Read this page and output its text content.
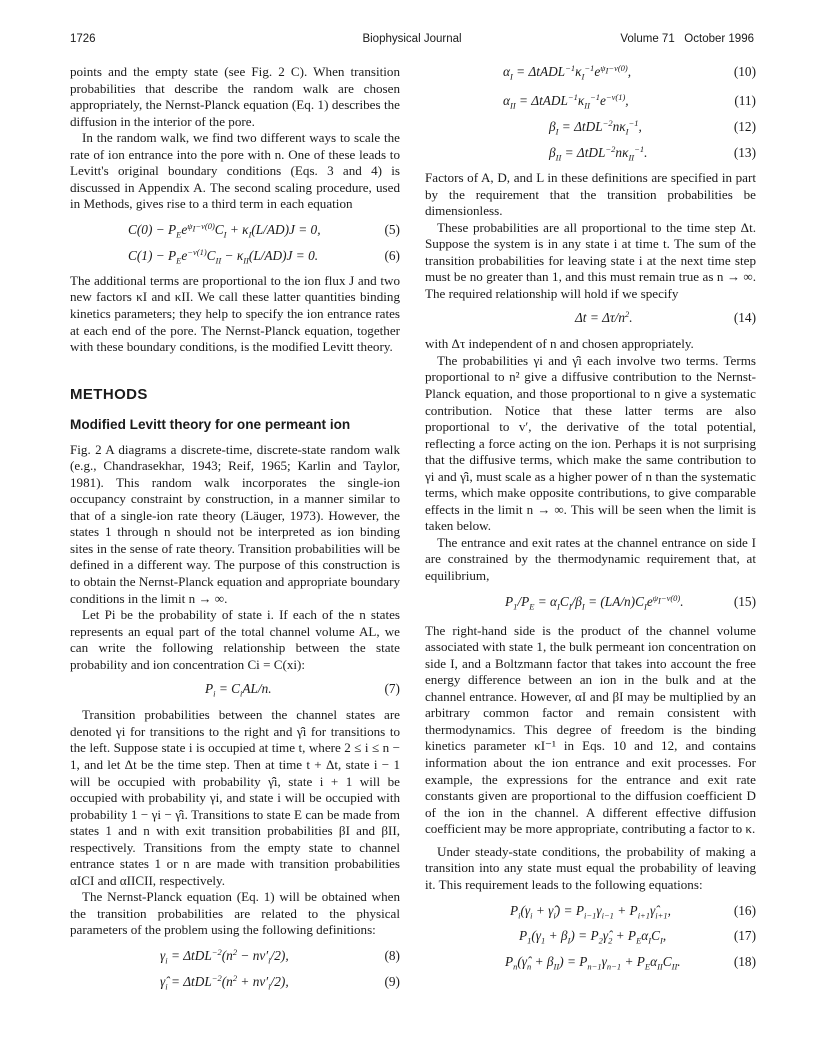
1726	Biophysical Journal	Volume 71   October 1996

points and the empty state (see Fig. 2 C). When transition probabilities that describe the random walk are chosen appropriately, the Nernst-Planck equation (Eq. 1) describes the diffusion in the interior of the pore.

In the random walk, we find two different ways to scale the rate of ion entrance into the pore with n. One of these leads to Levitt's original boundary conditions (Eqs. 3 and 4) is discussed in Appendix A. The second scaling procedure, used in Methods, gives rise to a third term in each equation

$C(0) - P_Ee^{\psi_I-v(0)}C_I + \kappa_I(L/AD)J = 0$,	(5)
$C(1) - P_Ee^{-v(1)}C_{II} - \kappa_{II}(L/AD)J = 0$.	(6)

The additional terms are proportional to the ion flux J and two new factors κI and κII. We call these latter quantities binding kinetics parameters; they help to specify the ion entrance rates at each end of the pore. The Nernst-Planck equation, together with these boundary conditions, is the modified Levitt theory.

METHODS
Modified Levitt theory for one permeant ion

Fig. 2 A diagrams a discrete-time, discrete-state random walk (e.g., Chandrasekhar, 1943; Reif, 1965; Karlin and Taylor, 1981). This random walk incorporates the single-ion occupancy constraint by construction, in a manner similar to that of a single-ion rate theory (Läuger, 1973). However, the states 1 through n should not be interpreted as ion binding sites in the sense of rate theory. Transition probabilities will be defined in a different way. The purpose of this construction is to obtain the Nernst-Planck equation and appropriate boundary conditions in the limit n → ∞.

Let Pi be the probability of state i. If each of the n states represents an equal part of the total channel volume AL, we can write the following relationship between the state probability and ion concentration Ci = C(xi):

$P_i = C_iAL/n$.	(7)

Transition probabilities between the channel states are denoted γi for transitions to the right and γ̂i for transitions to the left. Suppose state i is occupied at time t, where 2 ≤ i ≤ n − 1, and let Δt be the time step. Then at time t + Δt, state i − 1 will be occupied with probability γ̂i, state i + 1 will be occupied with probability γi, and state i will be occupied with probability 1 − γi − γ̂i. Transitions to state E can be made from states 1 and n with exit transition probabilities βI and βII, respectively. Transitions from the empty state to channel entrance states 1 or n are made with transition probabilities αICI and αIICII, respectively.

The Nernst-Planck equation (Eq. 1) will be obtained when the transition probabilities are related to the physical parameters of the problem using the following definitions:

$\gamma_i = \Delta tDL^{-2}(n^2 - nv'_i/2)$,	(8)
$\gammâ_i = \Delta tDL^{-2}(n^2 + nv'_i/2)$,	(9)
$\alpha_I$ = $\Delta tADL^{-1}\kappa_I^{-1}e^{\psi_I-v(0)}$,	(10)
$\alpha_{II}$ = $\Delta tADL^{-1}\kappa_{II}^{-1}e^{-v(1)}$,	(11)
$\beta_I = \Delta tDL^{-2}n\kappa_I^{-1}$,	(12)
$\beta_{II} = \Delta tDL^{-2}n\kappa_{II}^{-1}$.	(13)

Factors of A, D, and L in these definitions are specified in part by the requirement that the transition probabilities be dimensionless.

These probabilities are all proportional to the time step Δt. Suppose the system is in any state i at time t. The sum of the transition probabilities for leaving state i at the next time step must be no greater than 1, and this must remain true as n → ∞. The required relationship will hold if we specify

$\Delta t = \Delta\tau/n^2$.	(14)

with Δτ independent of n and chosen appropriately.

The probabilities γi and γ̂i each involve two terms. Terms proportional to n² give a diffusive contribution to the Nernst-Planck equation, and those proportional to n give a systematic contribution. Notice that these latter terms are also proportional to v′, the derivative of the total potential, reflecting a force acting on the ion. Perhaps it is not surprising that the diffusive terms, which make the same contribution to γi and γ̂i, must scale as a higher power of n than the systematic terms, which make opposite contributions, to give comparable effects in the limit n → ∞. This will be seen when the limit is taken below.

The entrance and exit rates at the channel entrance on side I are constrained by the thermodynamic requirement that, at equilibrium,

$P_1/P_E = \alpha_IC_I/\beta_I = (LA/n)C_Ie^{\psi_I-v(0)}$.	(15)

The right-hand side is the product of the channel volume associated with state 1, the bulk permeant ion concentration on side I, and a Boltzmann factor that takes into account the free energy difference between an ion in the bulk and at the channel entrance. However, αI and βI may be multiplied by an arbitrary common factor and remain consistent with thermodynamics. This degree of freedom is the binding kinetics parameter κI⁻¹ in Eqs. 10 and 12, and contains information about the ion entrance and exit processes. For example, the expressions for the entrance and exit rate constants given are proportional to the diffusion coefficient D of the ion in the channel. A different effective diffusion coefficient may be more appropriate, contributing a factor to κ.

Under steady-state conditions, the probability of making a transition into any state must equal the probability of leaving it. This requirement leads to the following equations:

$P_i(\gamma_i$ + $\gammâ_i) = P_{i-1}\gamma_{i-1}$ + $P_{i+1}\gammâ_{i+1}$,	(16)
$P_1(\gamma_1 + \beta_I)$ = $P_2\gammâ_2 + P_E\alpha_IC_I$,	(17)
$P_n(\gammâ_n + \beta_{II}) = P_{n-1}\gamma_{n-1} + P_E\alpha_{II}C_{II}$.	(18)
